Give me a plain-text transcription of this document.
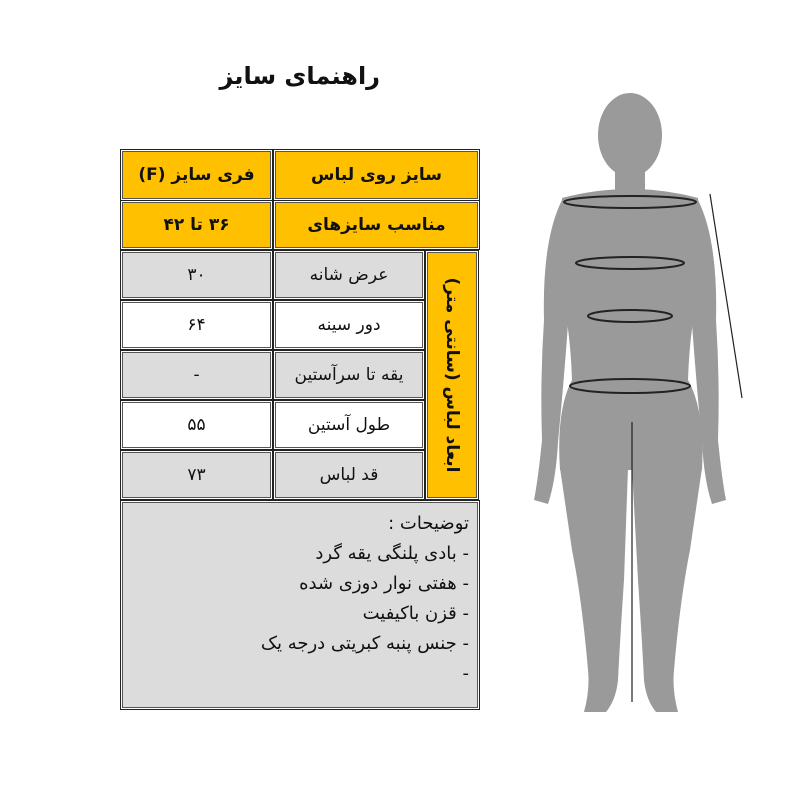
راهنمای سایز
سایز روی لباس
فری سایز (F)
مناسب سایزهای
۳۶ تا ۴۲
ابعاد لباس (سانتی متر)
عرض شانه
۳۰
دور سینه
۶۴
یقه تا سرآستین
-
طول آستین
۵۵
قد لباس
۷۳
توضیحات :
- بادی پلنگی یقه گرد
- هفتی نوار دوزی شده
- قزن باکیفیت
- جنس پنبه کبریتی درجه یک
-
